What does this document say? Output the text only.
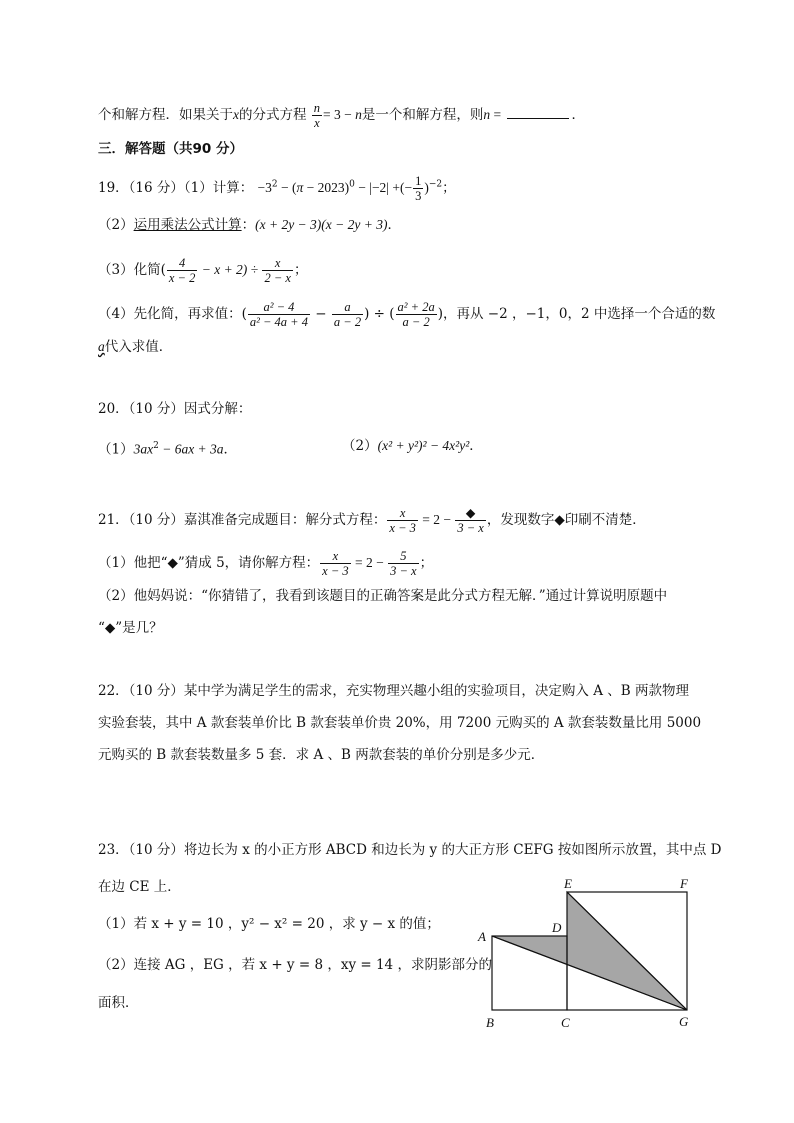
个和解方程．如果关于x的分式方程 $\frac{n}{x} = 3 - n$是一个和解方程，则n =	．
三．解答题（共90 分）
19．（16 分）（1）计算： $-3^2 - (\pi - 2023)^0 - |-2|$ +(− $\frac{1}{3} )^{-2}$；
（2）运用乘法公式计算：(x + 2y − 3)(x − 2y + 3)．
（3）化简( $\frac{4}{x - 2} - x + 2) \div \frac{x}{2 - x}$ ；
（4）先化简，再求值：( $\frac{\text{a² − 4}}{\text{a² − 4a + 4}} - \frac{a}{a - 2}$ ) ÷ ( $\frac{\text{a² + 2a}}{a - 2}$ )，再从 −2 ，−1，0，2 中选择一个合适的数
a代入求值．
20．（10 分）因式分解：
$(1)3ax^2 - 6ax + 3a$．	（2）(x² + y²)² − 4x²y²．
21．（10 分）嘉淇准备完成题目：解分式方程： $\frac{x}{x - 3} = 2 - \frac{◆}{3 - x}$ ，发现数字◆印刷不清楚．
（1）他把“◆”猜成 5，请你解方程： $\frac{x}{x - 3} = 2 - \frac{5}{3 - x}$ ；
（2）他妈妈说：“你猜错了，我看到该题目的正确答案是此分式方程无解．”通过计算说明原题中
“◆”是几？
22．（10 分）某中学为满足学生的需求，充实物理兴趣小组的实验项目，决定购入 A 、B 两款物理
实验套装，其中 A 款套装单价比 B 款套装单价贵 20%，用 7200 元购买的 A 款套装数量比用 5000
元购买的 B 款套装数量多 5 套．求 A 、B 两款套装的单价分别是多少元．
23．（10 分）将边长为 x 的小正方形 ABCD 和边长为 y 的大正方形 CEFG 按如图所示放置，其中点 D
在边 CE 上．
（1）若 x + y = 10 ，y² − x² = 20 ，求 y − x 的值；
（2）连接 AG ，EG ，若 x + y = 8 ，xy = 14 ，求阴影部分的
面积．
A
B	C
D
E	F
G
